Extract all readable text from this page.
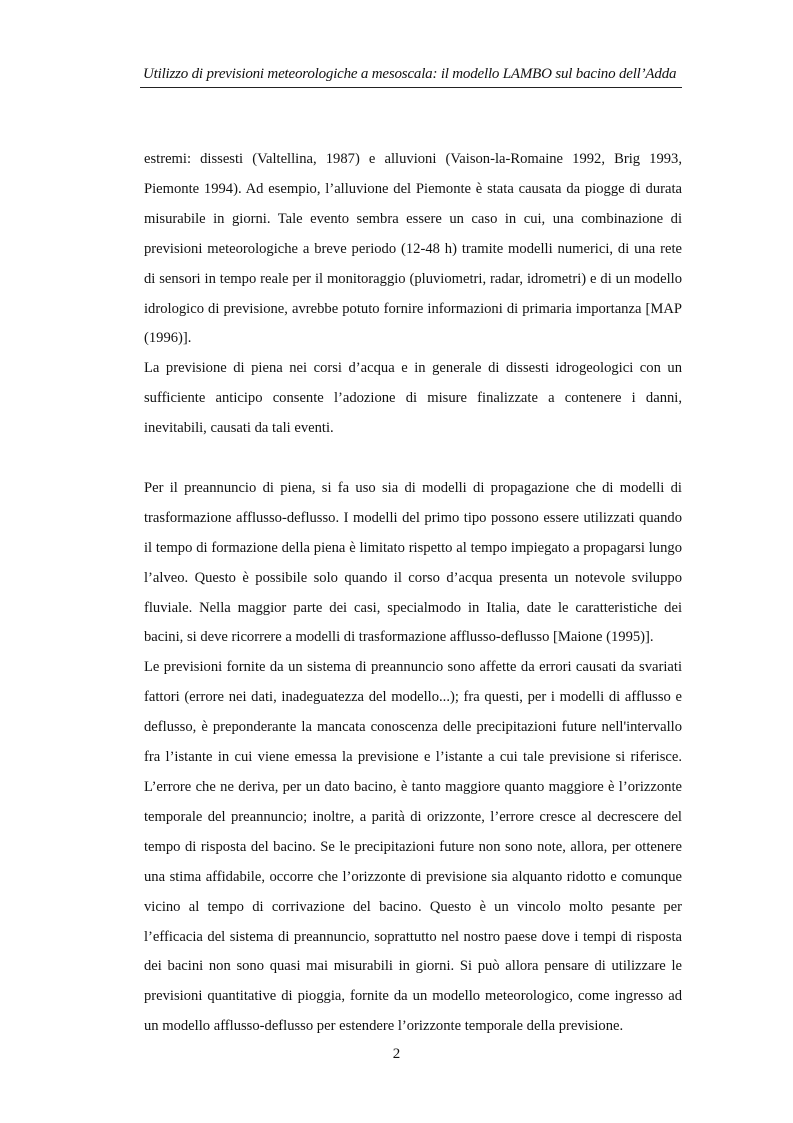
Utilizzo di previsioni meteorologiche a mesoscala: il modello LAMBO sul bacino dell’Adda

estremi: dissesti (Valtellina, 1987) e alluvioni (Vaison-la-Romaine 1992, Brig 1993, Piemonte 1994). Ad esempio, l’alluvione del Piemonte è stata causata da piogge di durata misurabile in giorni. Tale evento sembra essere un caso in cui, una combinazione di previsioni meteorologiche a breve periodo (12-48 h) tramite modelli numerici, di una rete di sensori in tempo reale per il monitoraggio (pluviometri, radar, idrometri) e di un modello idrologico di previsione, avrebbe potuto fornire informazioni di primaria importanza [MAP (1996)].

La previsione di piena nei corsi d’acqua e in generale di dissesti idrogeologici con un sufficiente anticipo consente l’adozione di misure finalizzate a contenere i danni, inevitabili, causati da tali eventi.

Per il preannuncio di piena, si fa uso sia di modelli di propagazione che di modelli di trasformazione afflusso-deflusso. I modelli del primo tipo possono essere utilizzati quando il tempo di formazione della piena è limitato rispetto al tempo impiegato a propagarsi lungo l’alveo. Questo è possibile solo quando il corso d’acqua presenta un notevole sviluppo fluviale. Nella maggior parte dei casi, specialmodo in Italia, date le caratteristiche dei bacini, si deve ricorrere a modelli di trasformazione afflusso-deflusso [Maione (1995)].

Le previsioni fornite da un sistema di preannuncio sono affette da errori causati da svariati fattori (errore nei dati, inadeguatezza del modello...); fra questi, per i modelli di afflusso e deflusso, è preponderante la mancata conoscenza delle precipitazioni future nell'intervallo fra l’istante in cui viene emessa la previsione e l’istante a cui tale previsione si riferisce. L’errore che ne deriva, per un dato bacino, è tanto maggiore quanto maggiore è l’orizzonte temporale del preannuncio; inoltre, a parità di orizzonte, l’errore cresce al decrescere del tempo di risposta del bacino. Se le precipitazioni future non sono note, allora, per ottenere una stima affidabile, occorre che l’orizzonte di previsione sia alquanto ridotto e comunque vicino al tempo di corrivazione del bacino. Questo è un vincolo molto pesante per l’efficacia del sistema di preannuncio, soprattutto nel nostro paese dove i tempi di risposta dei bacini non sono quasi mai misurabili in giorni. Si può allora pensare di utilizzare le previsioni quantitative di pioggia, fornite da un modello meteorologico, come ingresso ad un modello afflusso-deflusso per estendere l’orizzonte temporale della previsione.

2
